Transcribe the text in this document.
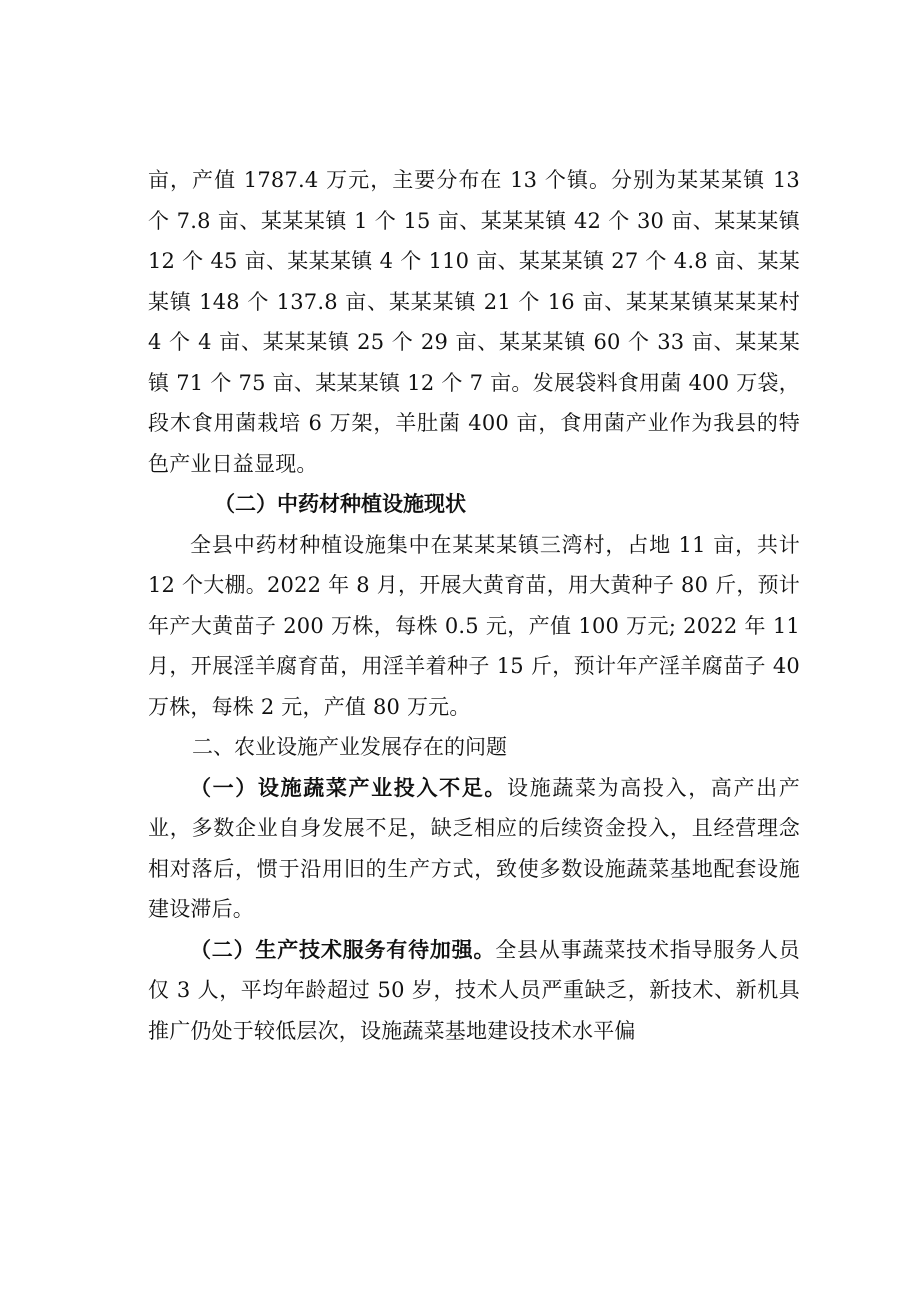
亩，产值 1787.4 万元，主要分布在 13 个镇。分别为某某某镇 13 个 7.8 亩、某某某镇 1 个 15 亩、某某某镇 42 个 30 亩、某某某镇 12 个 45 亩、某某某镇 4 个 110 亩、某某某镇 27 个 4.8 亩、某某某镇 148 个 137.8 亩、某某某镇 21 个 16 亩、某某某镇某某某村 4 个 4 亩、某某某镇 25 个 29 亩、某某某镇 60 个 33 亩、某某某镇 71 个 75 亩、某某某镇 12 个 7 亩。发展袋料食用菌 400 万袋，段木食用菌栽培 6 万架，羊肚菌 400 亩，食用菌产业作为我县的特色产业日益显现。

（二）中药材种植设施现状

全县中药材种植设施集中在某某某镇三湾村，占地 11 亩，共计 12 个大棚。2022 年 8 月，开展大黄育苗，用大黄种子 80 斤，预计年产大黄苗子 200 万株，每株 0.5 元，产值 100 万元; 2022 年 11 月，开展淫羊腐育苗，用淫羊着种子 15 斤，预计年产淫羊腐苗子 40 万株，每株 2 元，产值 80 万元。

二、农业设施产业发展存在的问题

（一）设施蔬菜产业投入不足。设施蔬菜为高投入，高产出产业，多数企业自身发展不足，缺乏相应的后续资金投入，且经营理念相对落后，惯于沿用旧的生产方式，致使多数设施蔬菜基地配套设施建设滞后。

（二）生产技术服务有待加强。全县从事蔬菜技术指导服务人员仅 3 人，平均年龄超过 50 岁，技术人员严重缺乏，新技术、新机具推广仍处于较低层次，设施蔬菜基地建设技术水平偏
